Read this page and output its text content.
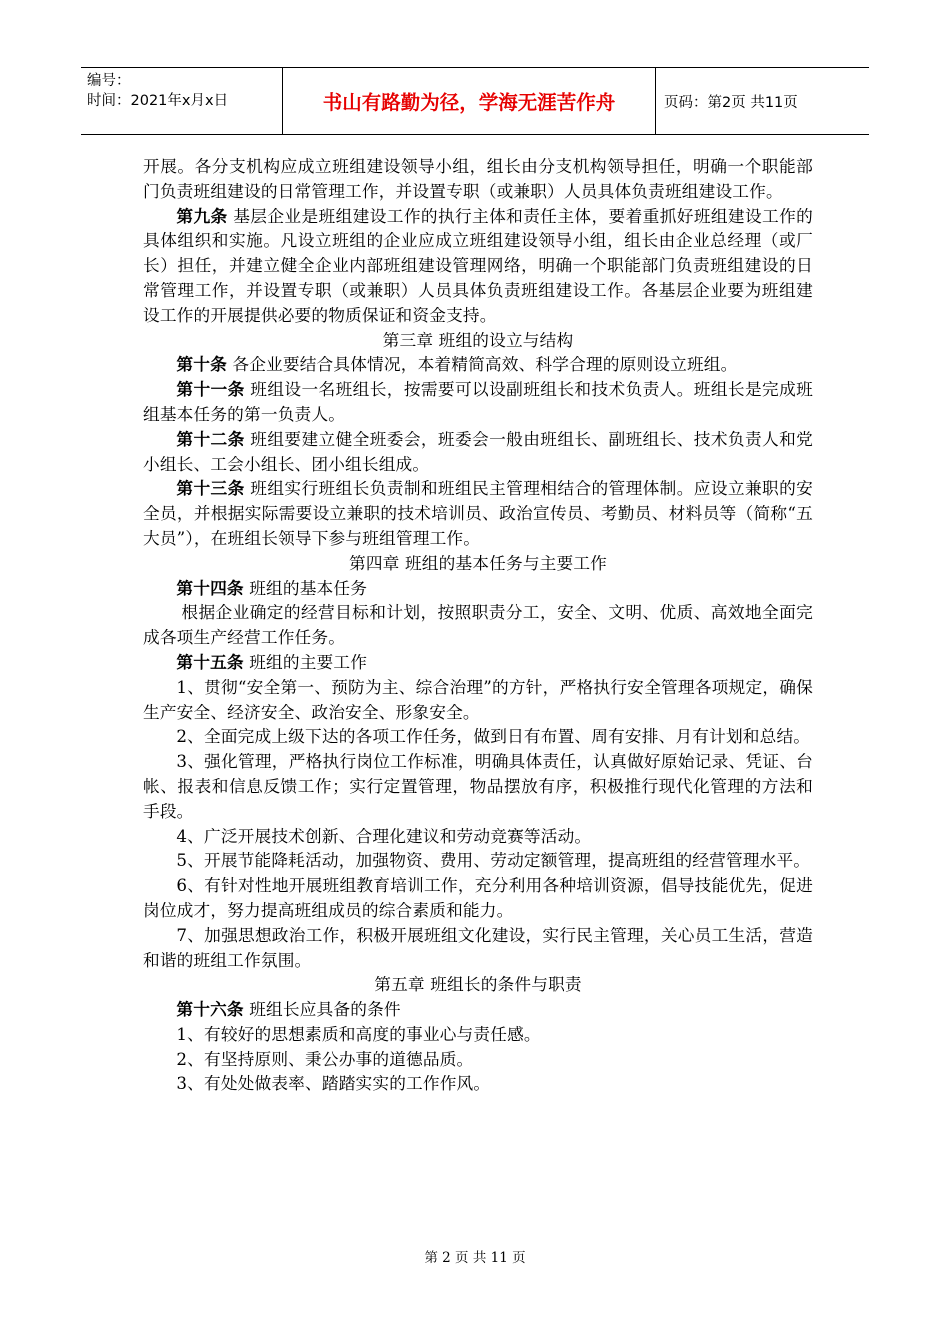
编号：
时间：2021年x月x日	书山有路勤为径，学海无涯苦作舟	页码：第2页 共11页

开展。各分支机构应成立班组建设领导小组，组长由分支机构领导担任，明确一个职能部门负责班组建设的日常管理工作，并设置专职（或兼职）人员具体负责班组建设工作。

第九条 基层企业是班组建设工作的执行主体和责任主体，要着重抓好班组建设工作的具体组织和实施。凡设立班组的企业应成立班组建设领导小组，组长由企业总经理（或厂长）担任，并建立健全企业内部班组建设管理网络，明确一个职能部门负责班组建设的日常管理工作，并设置专职（或兼职）人员具体负责班组建设工作。各基层企业要为班组建设工作的开展提供必要的物质保证和资金支持。

第三章 班组的设立与结构

第十条 各企业要结合具体情况，本着精简高效、科学合理的原则设立班组。

第十一条 班组设一名班组长，按需要可以设副班组长和技术负责人。班组长是完成班组基本任务的第一负责人。

第十二条 班组要建立健全班委会，班委会一般由班组长、副班组长、技术负责人和党小组长、工会小组长、团小组长组成。

第十三条 班组实行班组长负责制和班组民主管理相结合的管理体制。应设立兼职的安全员，并根据实际需要设立兼职的技术培训员、政治宣传员、考勤员、材料员等（简称“五大员”），在班组长领导下参与班组管理工作。

第四章 班组的基本任务与主要工作

第十四条 班组的基本任务

根据企业确定的经营目标和计划，按照职责分工，安全、文明、优质、高效地全面完成各项生产经营工作任务。

第十五条 班组的主要工作

1、贯彻“安全第一、预防为主、综合治理”的方针，严格执行安全管理各项规定，确保生产安全、经济安全、政治安全、形象安全。

2、全面完成上级下达的各项工作任务，做到日有布置、周有安排、月有计划和总结。

3、强化管理，严格执行岗位工作标准，明确具体责任，认真做好原始记录、凭证、台帐、报表和信息反馈工作；实行定置管理，物品摆放有序，积极推行现代化管理的方法和手段。

4、广泛开展技术创新、合理化建议和劳动竞赛等活动。

5、开展节能降耗活动，加强物资、费用、劳动定额管理，提高班组的经营管理水平。

6、有针对性地开展班组教育培训工作，充分利用各种培训资源，倡导技能优先，促进岗位成才，努力提高班组成员的综合素质和能力。

7、加强思想政治工作，积极开展班组文化建设，实行民主管理，关心员工生活，营造和谐的班组工作氛围。

第五章 班组长的条件与职责

第十六条 班组长应具备的条件

1、有较好的思想素质和高度的事业心与责任感。

2、有坚持原则、秉公办事的道德品质。

3、有处处做表率、踏踏实实的工作作风。

第 2 页 共 11 页
